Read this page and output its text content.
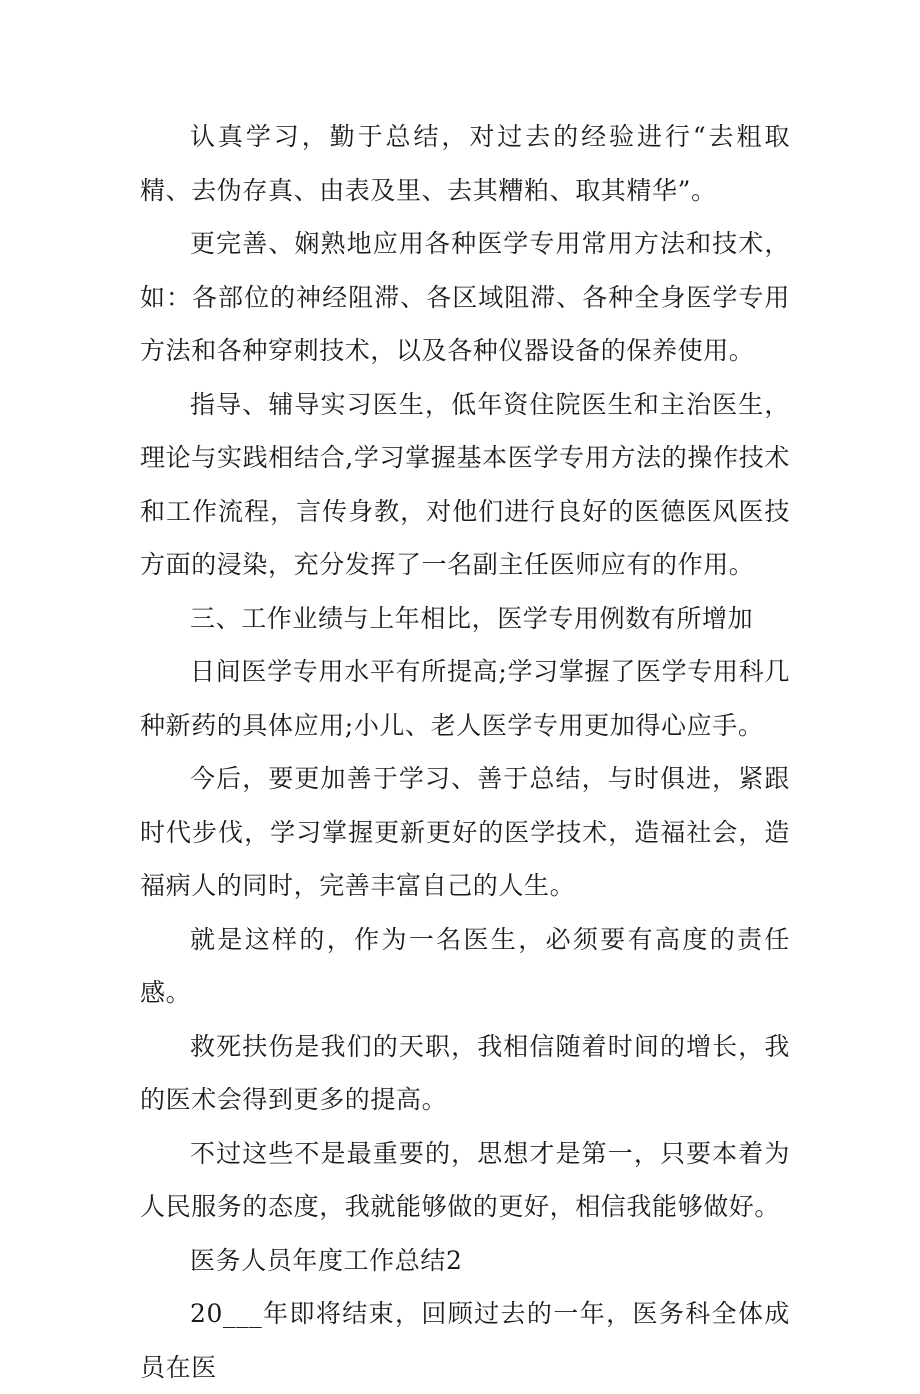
认真学习，勤于总结，对过去的经验进行“去粗取精、去伪存真、由表及里、去其糟粕、取其精华”。

更完善、娴熟地应用各种医学专用常用方法和技术，如：各部位的神经阻滞、各区域阻滞、各种全身医学专用方法和各种穿刺技术，以及各种仪器设备的保养使用。

指导、辅导实习医生，低年资住院医生和主治医生，理论与实践相结合,学习掌握基本医学专用方法的操作技术和工作流程，言传身教，对他们进行良好的医德医风医技方面的浸染，充分发挥了一名副主任医师应有的作用。

三、工作业绩与上年相比，医学专用例数有所增加

日间医学专用水平有所提高;学习掌握了医学专用科几种新药的具体应用;小儿、老人医学专用更加得心应手。

今后，要更加善于学习、善于总结，与时俱进，紧跟时代步伐，学习掌握更新更好的医学技术，造福社会，造福病人的同时，完善丰富自己的人生。

就是这样的，作为一名医生，必须要有高度的责任感。

救死扶伤是我们的天职，我相信随着时间的增长，我的医术会得到更多的提高。

不过这些不是最重要的，思想才是第一，只要本着为人民服务的态度，我就能够做的更好，相信我能够做好。

医务人员年度工作总结2

20___年即将结束，回顾过去的一年，医务科全体成员在医
